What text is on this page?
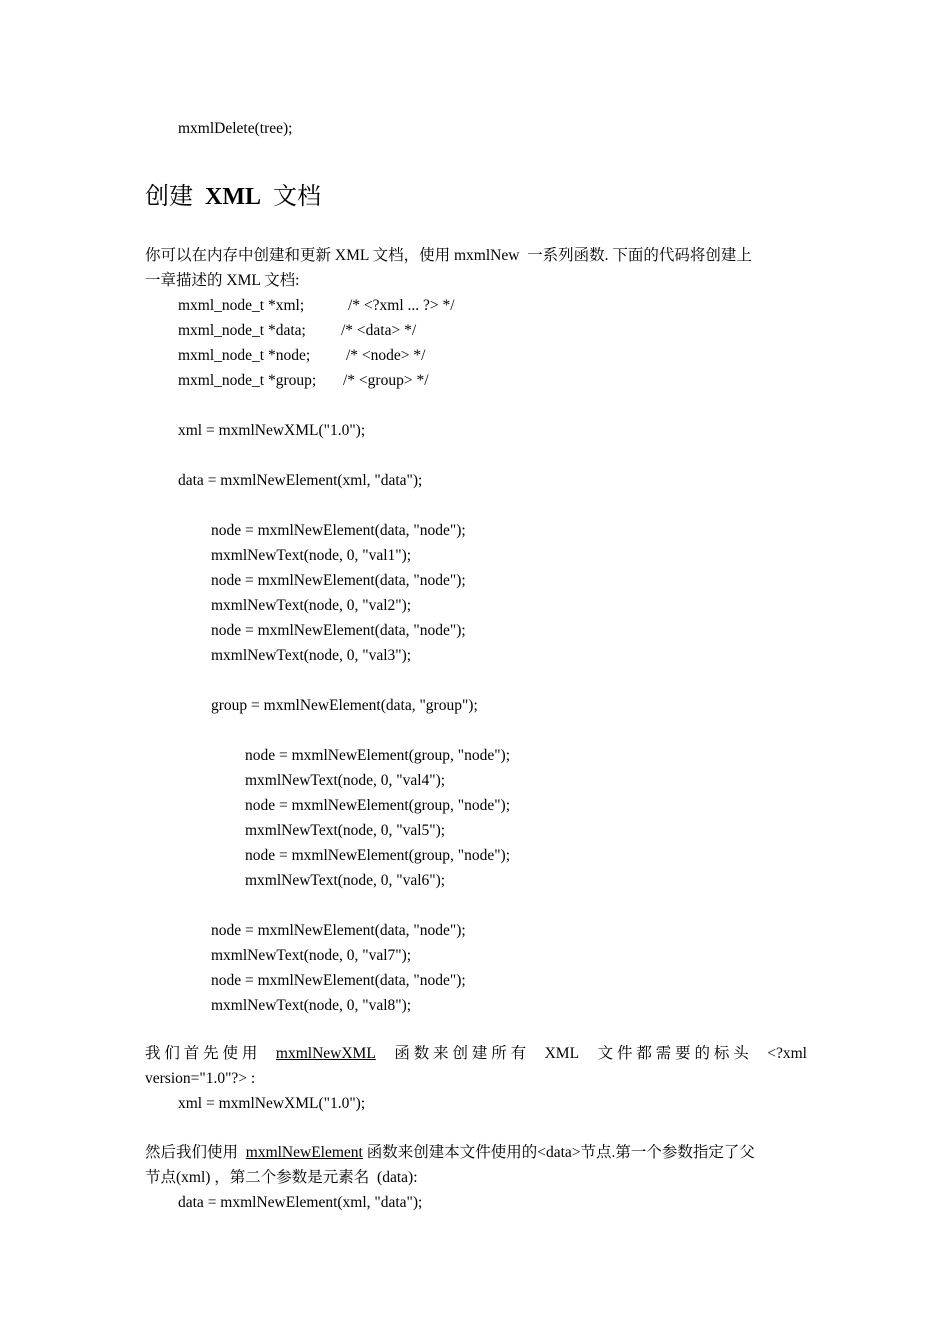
mxmlDelete(tree);
创建 XML 文档
你可以在内存中创建和更新 XML 文档，使用 mxmlNew  一系列函数. 下面的代码将创建上
一章描述的 XML 文档:
mxml_node_t *xml;	/* <?xml ... ?> */
mxml_node_t *data; /* <data> */
mxml_node_t *node; /* <node> */
mxml_node_t *group; /* <group> */
xml = mxmlNewXML("1.0");
data = mxmlNewElement(xml, "data");
node = mxmlNewElement(data, "node");
mxmlNewText(node, 0, "val1");
node = mxmlNewElement(data, "node");
mxmlNewText(node, 0, "val2");
node = mxmlNewElement(data, "node");
mxmlNewText(node, 0, "val3");
group = mxmlNewElement(data, "group");
node = mxmlNewElement(group, "node");
mxmlNewText(node, 0, "val4");
node = mxmlNewElement(group, "node");
mxmlNewText(node, 0, "val5");
node = mxmlNewElement(group, "node");
mxmlNewText(node, 0, "val6");
node = mxmlNewElement(data, "node");
mxmlNewText(node, 0, "val7");
node = mxmlNewElement(data, "node");
mxmlNewText(node, 0, "val8");
我 们 首 先 使 用 mxmlNewXML 函 数 来 创 建 所 有 XML 文 件 都 需 要 的 标 头 <?xml
version="1.0"?> :
xml = mxmlNewXML("1.0");
然后我们使用 mxmlNewElement 函数来创建本文件使用的<data>节点.第一个参数指定了父
节点(xml) ，第二个参数是元素名  (data):
data = mxmlNewElement(xml, "data");
